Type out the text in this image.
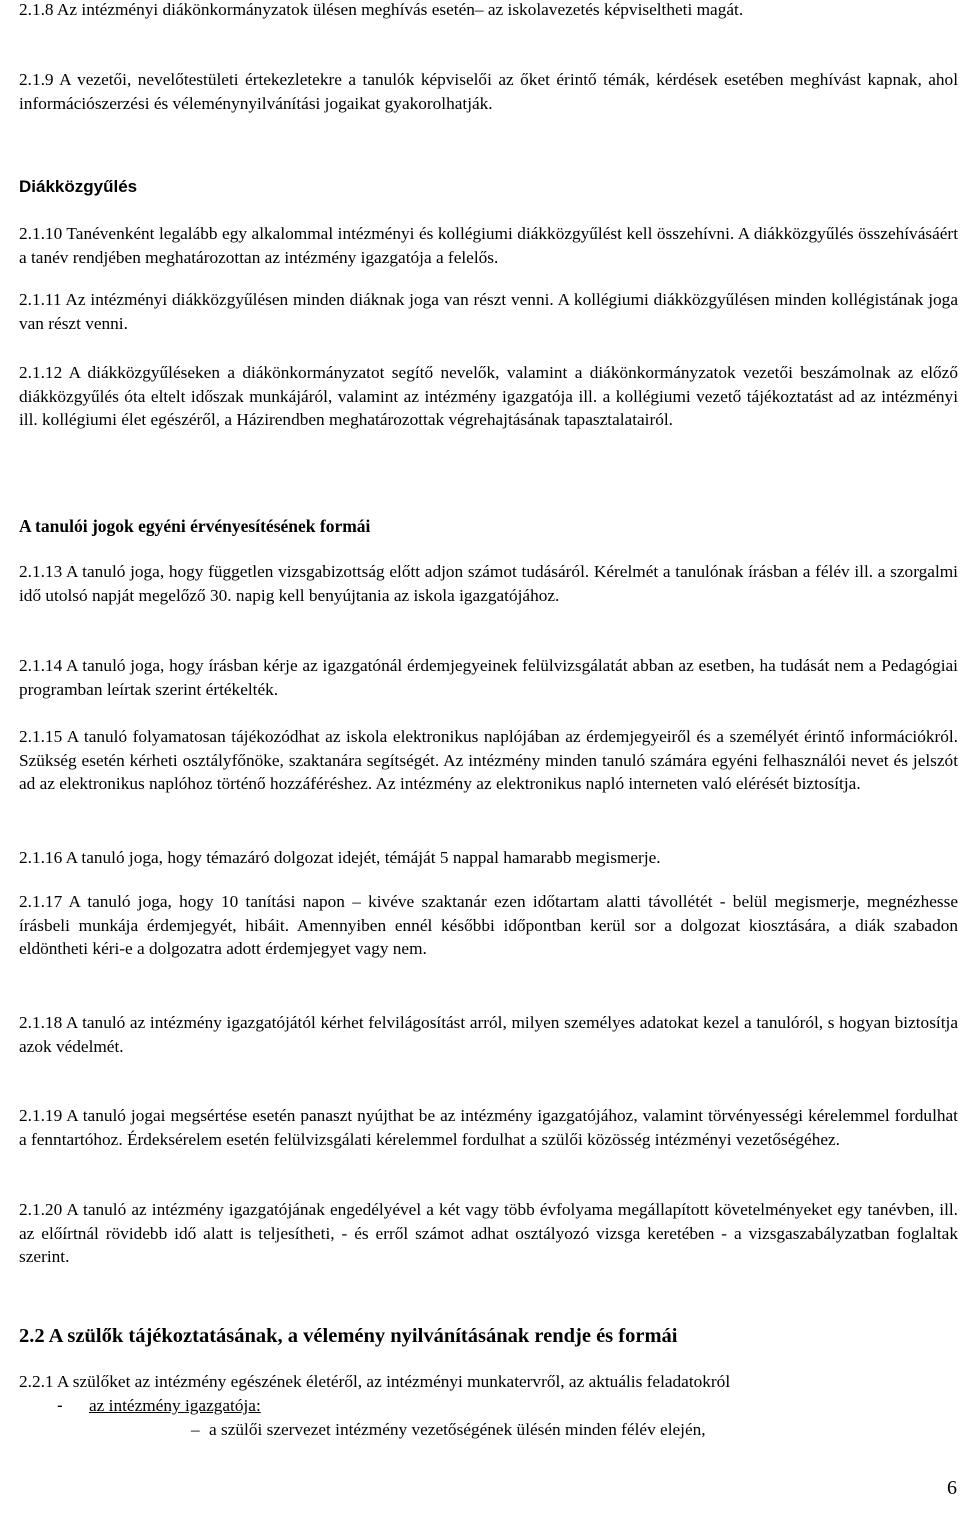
2.1.8 Az intézményi diákönkormányzatok ülésen meghívás esetén– az iskolavezetés képviseltheti magát.

2.1.9 A vezetői, nevelőtestületi értekezletekre a tanulók képviselői az őket érintő témák, kérdések esetében meghívást kapnak, ahol információszerzési és véleménynyilvánítási jogaikat gyakorolhatják.

Diákközgyűlés

2.1.10 Tanévenként legalább egy alkalommal intézményi és kollégiumi diákközgyűlést kell összehívni. A diákközgyűlés összehívásáért a tanév rendjében meghatározottan az intézmény igazgatója a felelős.

2.1.11 Az intézményi diákközgyűlésen minden diáknak joga van részt venni. A kollégiumi diákközgyűlésen minden kollégistának joga van részt venni.

2.1.12 A diákközgyűléseken a diákönkormányzatot segítő nevelők, valamint a diákönkormányzatok vezetői beszámolnak az előző diákközgyűlés óta eltelt időszak munkájáról, valamint az intézmény igazgatója ill. a kollégiumi vezető tájékoztatást ad az intézményi ill. kollégiumi élet egészéről, a Házirendben meghatározottak végrehajtásának tapasztalatairól.

A tanulói jogok egyéni érvényesítésének formái

2.1.13 A tanuló joga, hogy független vizsgabizottság előtt adjon számot tudásáról. Kérelmét a tanulónak írásban a félév ill. a szorgalmi idő utolsó napját megelőző 30. napig kell benyújtania az iskola igazgatójához.

2.1.14 A tanuló joga, hogy írásban kérje az igazgatónál érdemjegyeinek felülvizsgálatát abban az esetben, ha tudását nem a Pedagógiai programban leírtak szerint értékelték.

2.1.15 A tanuló folyamatosan tájékozódhat az iskola elektronikus naplójában az érdemjegyeiről és a személyét érintő információkról. Szükség esetén kérheti osztályfőnöke, szaktanára segítségét. Az intézmény minden tanuló számára egyéni felhasználói nevet és jelszót ad az elektronikus naplóhoz történő hozzáféréshez. Az intézmény az elektronikus napló interneten való elérését biztosítja.

2.1.16 A tanuló joga, hogy témazáró dolgozat idejét, témáját 5 nappal hamarabb megismerje.

2.1.17 A tanuló joga, hogy 10 tanítási napon – kivéve szaktanár ezen időtartam alatti távollétét - belül megismerje, megnézhesse írásbeli munkája érdemjegyét, hibáit. Amennyiben ennél későbbi időpontban kerül sor a dolgozat kiosztására, a diák szabadon eldöntheti kéri-e a dolgozatra adott érdemjegyet vagy nem.

2.1.18 A tanuló az intézmény igazgatójától kérhet felvilágosítást arról, milyen személyes adatokat kezel a tanulóról, s hogyan biztosítja azok védelmét.

2.1.19 A tanuló jogai megsértése esetén panaszt nyújthat be az intézmény igazgatójához, valamint törvényességi kérelemmel fordulhat a fenntartóhoz. Érdeksérelem esetén felülvizsgálati kérelemmel fordulhat a szülői közösség intézményi vezetőségéhez.

2.1.20 A tanuló az intézmény igazgatójának engedélyével a két vagy több évfolyama megállapított követelményeket egy tanévben, ill. az előírtnál rövidebb idő alatt is teljesítheti, - és erről számot adhat osztályozó vizsga keretében - a vizsgaszabályzatban foglaltak szerint.

2.2 A szülők tájékoztatásának, a vélemény nyilvánításának rendje és formái

2.2.1 A szülőket az intézmény egészének életéről, az intézményi munkatervről, az aktuális feladatokról

- az intézmény igazgatója:
– a szülői szervezet intézmény vezetőségének ülésén minden félév elején,

6
